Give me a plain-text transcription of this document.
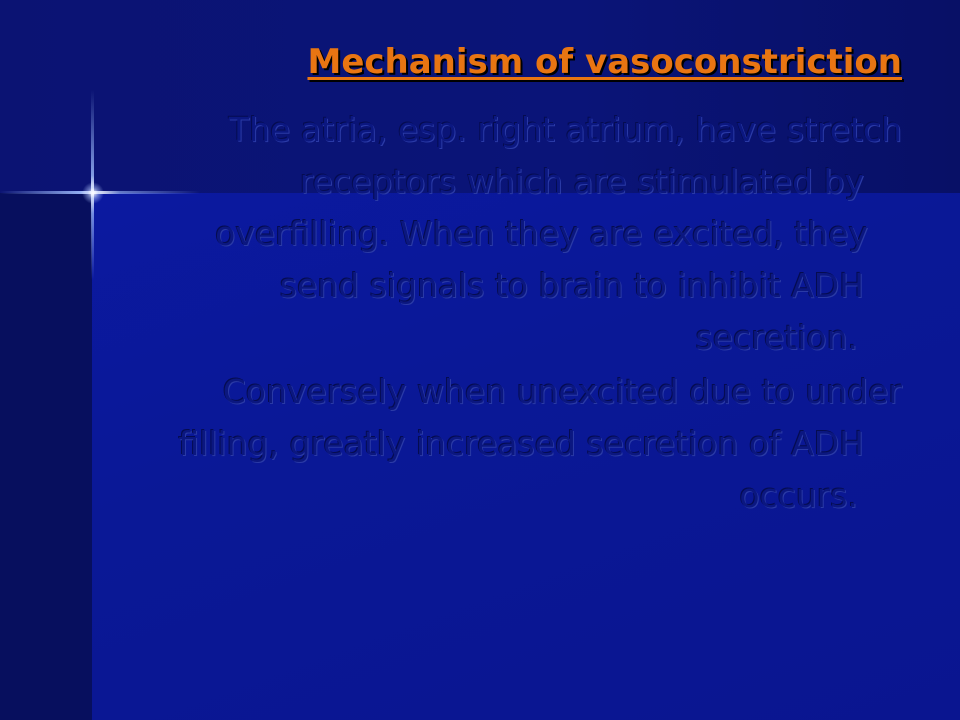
Mechanism of vasoconstriction
The atria, esp. right atrium, have stretch
receptors which are stimulated by
overfilling. When they are excited, they
send signals to brain to inhibit ADH
secretion.
Conversely when unexcited due to under
filling, greatly increased secretion of ADH
occurs.
